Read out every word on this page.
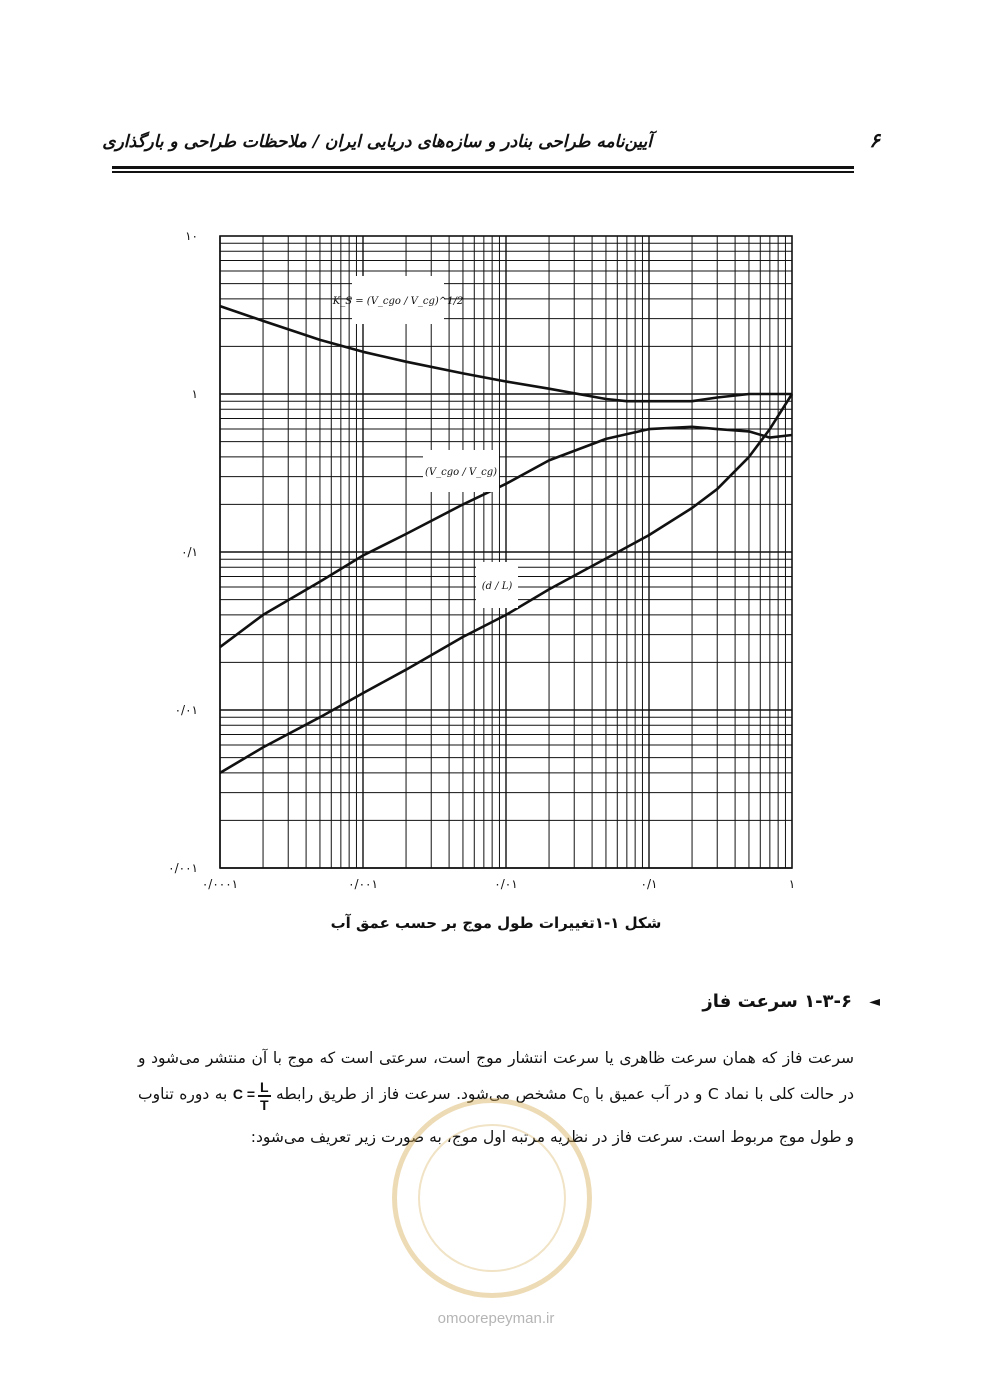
۶
آیین‌نامه طراحی بنادر و سازه‌های دریایی ایران / ملاحظات طراحی و بارگذاری
۰/۰۰۰۱	۰/۰۰۱	۰/۰۱	۰/۱	۱
۰/۰۰۱
۰/۰۱
۰/۱
۱
۱۰
K_S = (V_cgo / V_cg)^1/2
(V_cgo / V_cg)
(d / L)
شکل ۱-۱تغییرات طول موج بر حسب عمق آب
◄
۱-۳-۶ سرعت فاز

سرعت فاز که همان سرعت ظاهری یا سرعت انتشار موج است، سرعتی است که موج با آن منتشر می‌شود و در حالت کلی با نماد C و در آب عمیق با $C_0$ مشخص می‌شود. سرعت فاز از طریق رابطه $C = \frac{L}{T}$
به دوره تناوب و طول موج مربوط است. سرعت فاز در نظریه مرتبه اول موج، به صورت زیر تعریف می‌شود:

omoorepeyman.ir
